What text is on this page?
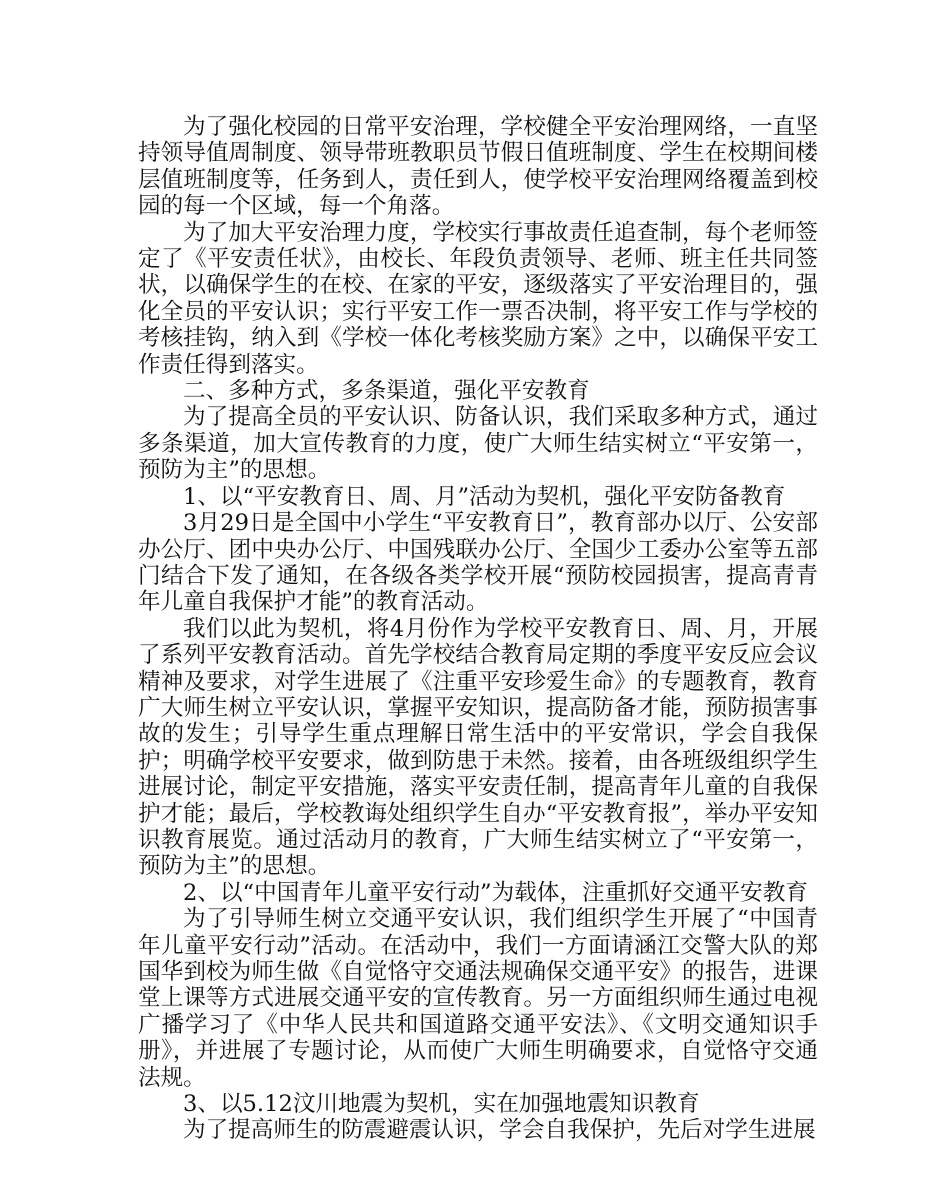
为了强化校园的日常平安治理，学校健全平安治理网络，一直坚持领导值周制度、领导带班教职员节假日值班制度、学生在校期间楼层值班制度等，任务到人，责任到人，使学校平安治理网络覆盖到校园的每一个区域，每一个角落。

为了加大平安治理力度，学校实行事故责任追查制，每个老师签定了《平安责任状》，由校长、年段负责领导、老师、班主任共同签状，以确保学生的在校、在家的平安，逐级落实了平安治理目的，强化全员的平安认识；实行平安工作一票否决制，将平安工作与学校的考核挂钩，纳入到《学校一体化考核奖励方案》之中，以确保平安工作责任得到落实。

二、多种方式，多条渠道，强化平安教育

为了提高全员的平安认识、防备认识，我们采取多种方式，通过多条渠道，加大宣传教育的力度，使广大师生结实树立“平安第一，预防为主”的思想。

1、以“平安教育日、周、月”活动为契机，强化平安防备教育

3月29日是全国中小学生“平安教育日”，教育部办以厅、公安部办公厅、团中央办公厅、中国残联办公厅、全国少工委办公室等五部门结合下发了通知，在各级各类学校开展“预防校园损害，提高青青年儿童自我保护才能”的教育活动。

我们以此为契机，将4月份作为学校平安教育日、周、月，开展了系列平安教育活动。首先学校结合教育局定期的季度平安反应会议精神及要求，对学生进展了《注重平安珍爱生命》的专题教育，教育广大师生树立平安认识，掌握平安知识，提高防备才能，预防损害事故的发生；引导学生重点理解日常生活中的平安常识，学会自我保护；明确学校平安要求，做到防患于未然。接着，由各班级组织学生进展讨论，制定平安措施，落实平安责任制，提高青年儿童的自我保护才能；最后，学校教诲处组织学生自办“平安教育报”，举办平安知识教育展览。通过活动月的教育，广大师生结实树立了“平安第一，预防为主”的思想。

2、以“中国青年儿童平安行动”为载体，注重抓好交通平安教育

为了引导师生树立交通平安认识，我们组织学生开展了“中国青年儿童平安行动”活动。在活动中，我们一方面请涵江交警大队的郑国华到校为师生做《自觉恪守交通法规确保交通平安》的报告，进课堂上课等方式进展交通平安的宣传教育。另一方面组织师生通过电视广播学习了《中华人民共和国道路交通平安法》、《文明交通知识手册》，并进展了专题讨论，从而使广大师生明确要求，自觉恪守交通法规。

3、以5.12汶川地震为契机，实在加强地震知识教育

为了提高师生的防震避震认识，学会自我保护，先后对学生进展
